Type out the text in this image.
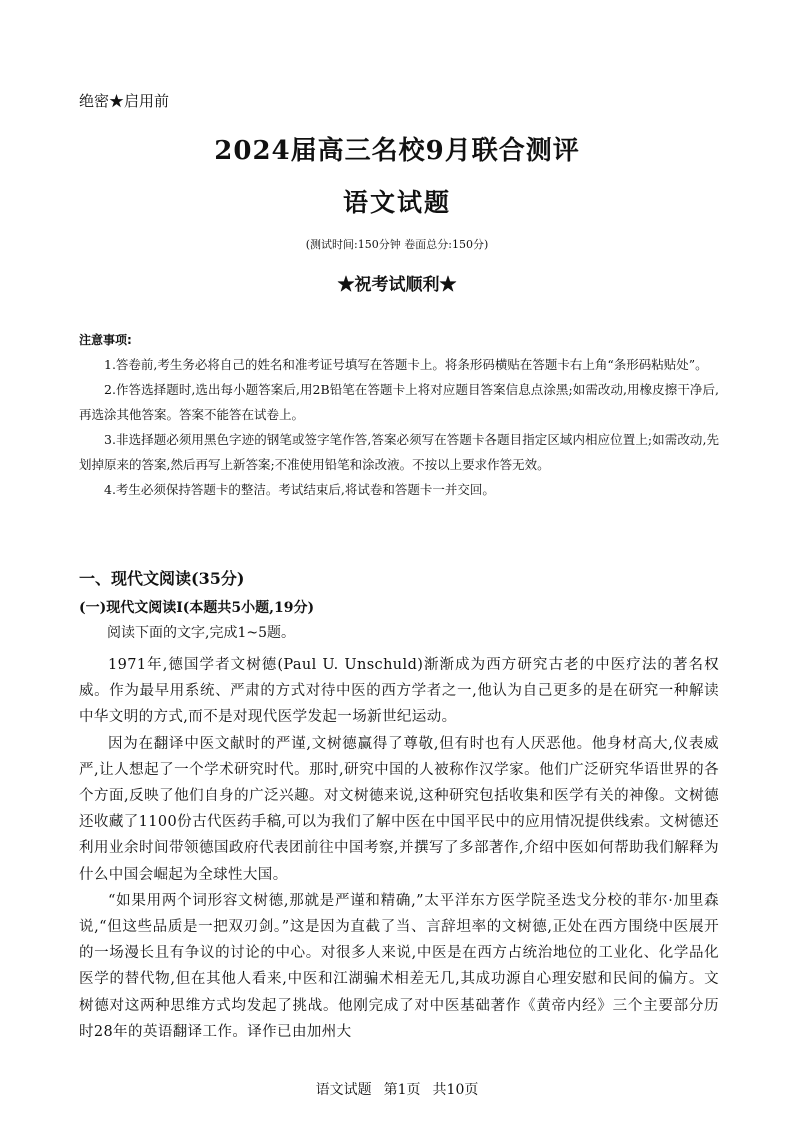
绝密★启用前
2024届高三名校9月联合测评
语文试题
(测试时间:150分钟 卷面总分:150分)
★祝考试顺利★
注意事项:

1.答卷前,考生务必将自己的姓名和准考证号填写在答题卡上。将条形码横贴在答题卡右上角“条形码粘贴处”。

2.作答选择题时,选出每小题答案后,用2B铅笔在答题卡上将对应题目答案信息点涂黑;如需改动,用橡皮擦干净后,再选涂其他答案。答案不能答在试卷上。

3.非选择题必须用黑色字迹的钢笔或签字笔作答,答案必须写在答题卡各题目指定区域内相应位置上;如需改动,先划掉原来的答案,然后再写上新答案;不准使用铅笔和涂改液。不按以上要求作答无效。

4.考生必须保持答题卡的整洁。考试结束后,将试卷和答题卡一并交回。

一、现代文阅读(35分)
(一)现代文阅读Ⅰ(本题共5小题,19分)
阅读下面的文字,完成1~5题。

1971年,德国学者文树德(Paul U. Unschuld)渐渐成为西方研究古老的中医疗法的著名权威。作为最早用系统、严肃的方式对待中医的西方学者之一,他认为自己更多的是在研究一种解读中华文明的方式,而不是对现代医学发起一场新世纪运动。

因为在翻译中医文献时的严谨,文树德赢得了尊敬,但有时也有人厌恶他。他身材高大,仪表威严,让人想起了一个学术研究时代。那时,研究中国的人被称作汉学家。他们广泛研究华语世界的各个方面,反映了他们自身的广泛兴趣。对文树德来说,这种研究包括收集和医学有关的神像。文树德还收藏了1100份古代医药手稿,可以为我们了解中医在中国平民中的应用情况提供线索。文树德还利用业余时间带领德国政府代表团前往中国考察,并撰写了多部著作,介绍中医如何帮助我们解释为什么中国会崛起为全球性大国。

“如果用两个词形容文树德,那就是严谨和精确,”太平洋东方医学院圣迭戈分校的菲尔·加里森说,“但这些品质是一把双刃剑。”这是因为直截了当、言辞坦率的文树德,正处在西方围绕中医展开的一场漫长且有争议的讨论的中心。对很多人来说,中医是在西方占统治地位的工业化、化学品化医学的替代物,但在其他人看来,中医和江湖骗术相差无几,其成功源自心理安慰和民间的偏方。文树德对这两种思维方式均发起了挑战。他刚完成了对中医基础著作《黄帝内经》三个主要部分历时28年的英语翻译工作。译作已由加州大

语文试题 第1页 共10页
